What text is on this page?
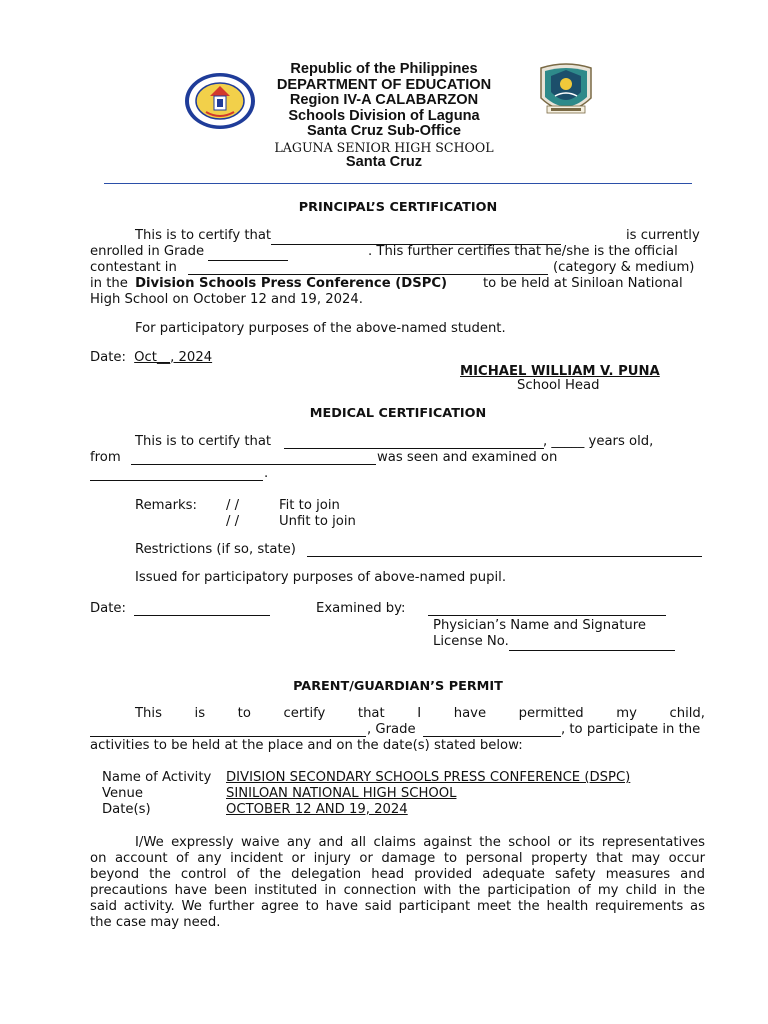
Republic of the Philippines
DEPARTMENT OF EDUCATION
Region IV-A CALABARZON
Schools Division of Laguna
Santa Cruz Sub-Office
LAGUNA SENIOR HIGH SCHOOL
Santa Cruz
PRINCIPAL’S CERTIFICATION
This is to certify that	is currently
enrolled in Grade	. This further certifies that he/she is the official
contestant in	(category & medium)
in the Division Schools Press Conference (DSPC)	to be held at Siniloan National
High School on October 12 and 19, 2024.
For participatory purposes of the above-named student.
Date: Oct__, 2024
MICHAEL WILLIAM V. PUNA
School Head
MEDICAL CERTIFICATION
This is to certify that	, _____ years old,
from	was seen and examined on
.
Remarks: / /	Fit to join
/ /	Unfit to join
Restrictions (if so, state)
Issued for participatory purposes of above-named pupil.
Date:	Examined by:
Physician’s Name and Signature
License No.
PARENT/GUARDIAN’S PERMIT
This is to certify that I have permitted my child,
, Grade	, to participate in the
activities to be held at the place and on the date(s) stated below:
Name of Activity DIVISION SECONDARY SCHOOLS PRESS CONFERENCE (DSPC)
Venue	SINILOAN NATIONAL HIGH SCHOOL
Date(s)	OCTOBER 12 AND 19, 2024
I/We expressly waive any and all claims against the school or its representatives
on account of any incident or injury or damage to personal property that may occur
beyond the control of the delegation head provided adequate safety measures and
precautions have been instituted in connection with the participation of my child in the
said activity. We further agree to have said participant meet the health requirements as
the case may need.
